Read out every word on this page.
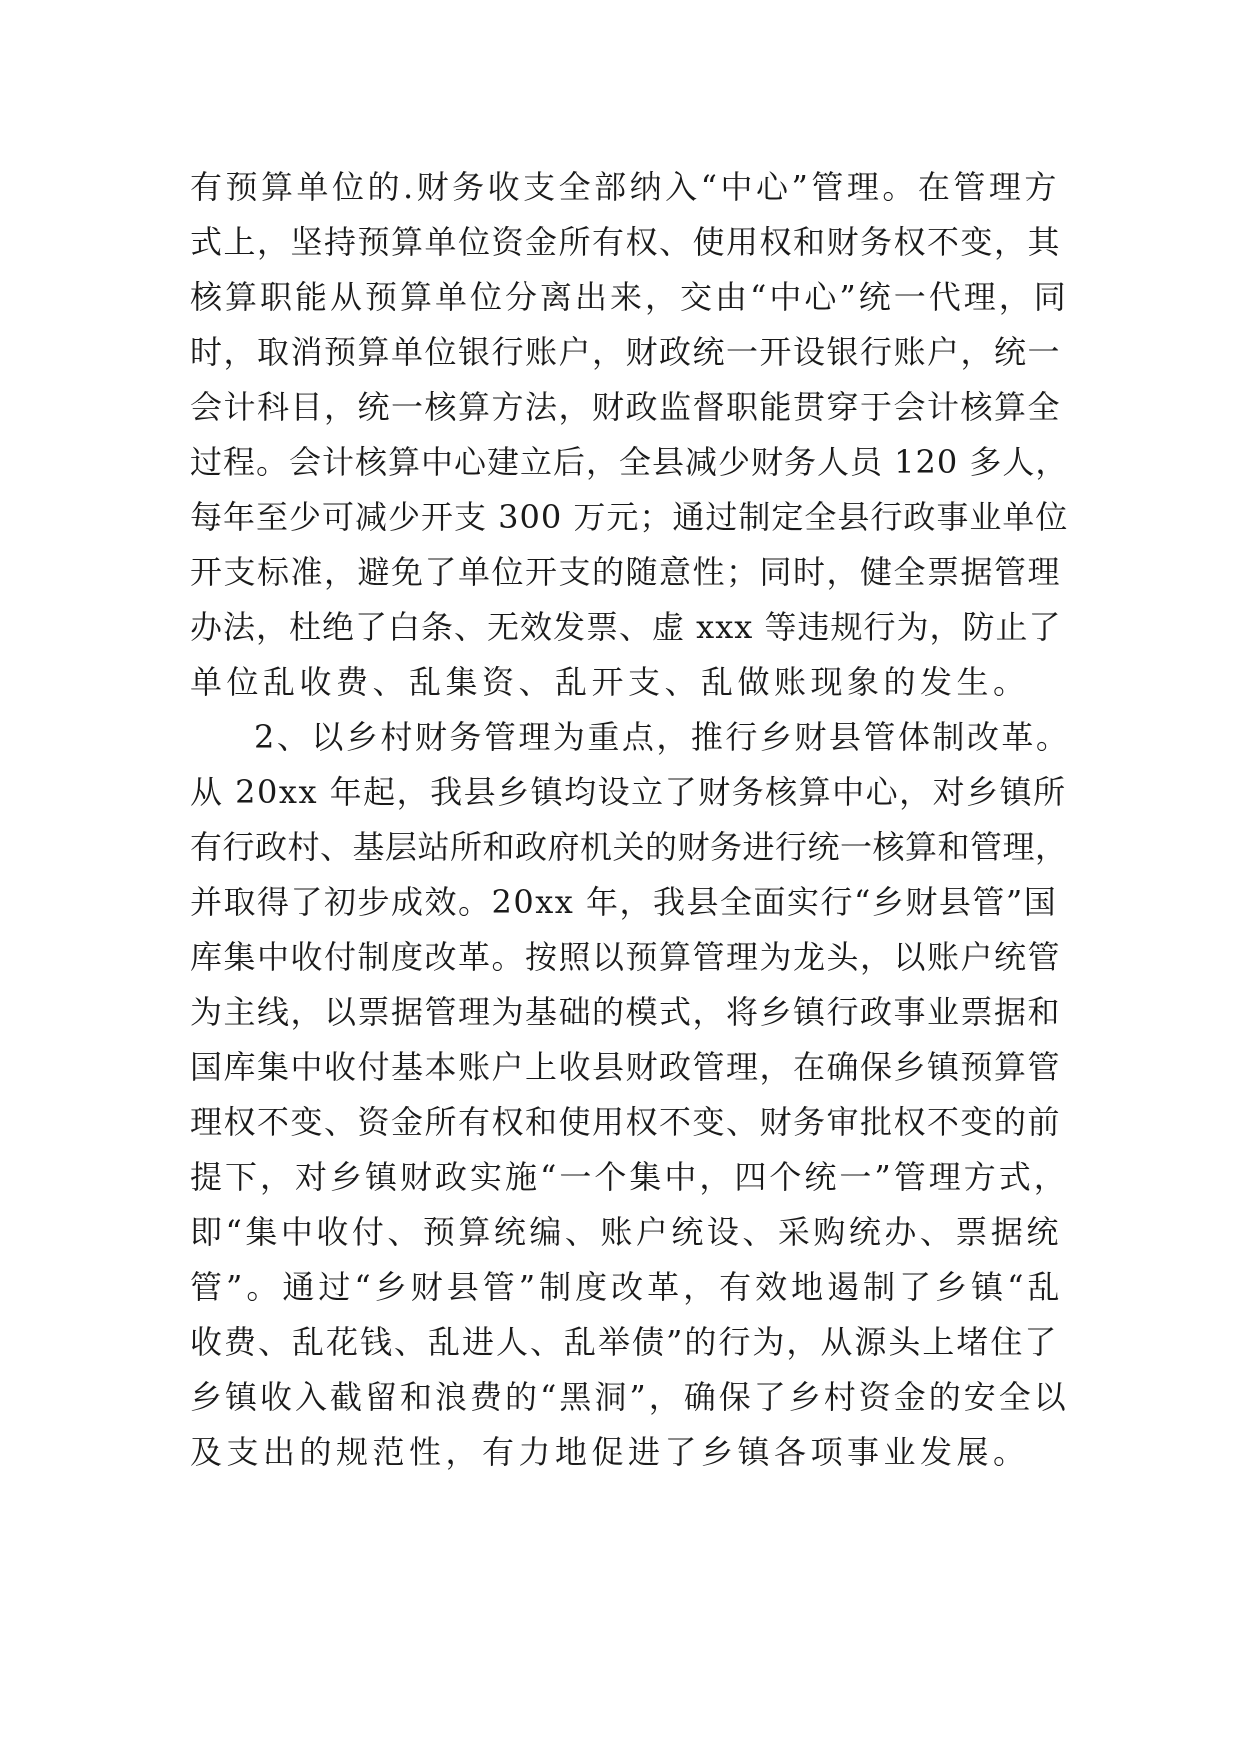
有预算单位的.财务收支全部纳入“中心”管理。在管理方
式上，坚持预算单位资金所有权、使用权和财务权不变，其
核算职能从预算单位分离出来，交由“中心”统一代理，同
时，取消预算单位银行账户，财政统一开设银行账户，统一
会计科目，统一核算方法，财政监督职能贯穿于会计核算全
过程。会计核算中心建立后，全县减少财务人员 120 多人，
每年至少可减少开支 300 万元；通过制定全县行政事业单位
开支标准，避免了单位开支的随意性；同时，健全票据管理
办法，杜绝了白条、无效发票、虚 xxx 等违规行为，防止了
单位乱收费、乱集资、乱开支、乱做账现象的发生。
2、以乡村财务管理为重点，推行乡财县管体制改革。
从 20xx 年起，我县乡镇均设立了财务核算中心，对乡镇所
有行政村、基层站所和政府机关的财务进行统一核算和管理，
并取得了初步成效。20xx 年，我县全面实行“乡财县管”国
库集中收付制度改革。按照以预算管理为龙头，以账户统管
为主线，以票据管理为基础的模式，将乡镇行政事业票据和
国库集中收付基本账户上收县财政管理，在确保乡镇预算管
理权不变、资金所有权和使用权不变、财务审批权不变的前
提下，对乡镇财政实施“一个集中，四个统一”管理方式，
即“集中收付、预算统编、账户统设、采购统办、票据统
管”。通过“乡财县管”制度改革，有效地遏制了乡镇“乱
收费、乱花钱、乱进人、乱举债”的行为，从源头上堵住了
乡镇收入截留和浪费的“黑洞”，确保了乡村资金的安全以
及支出的规范性，有力地促进了乡镇各项事业发展。
